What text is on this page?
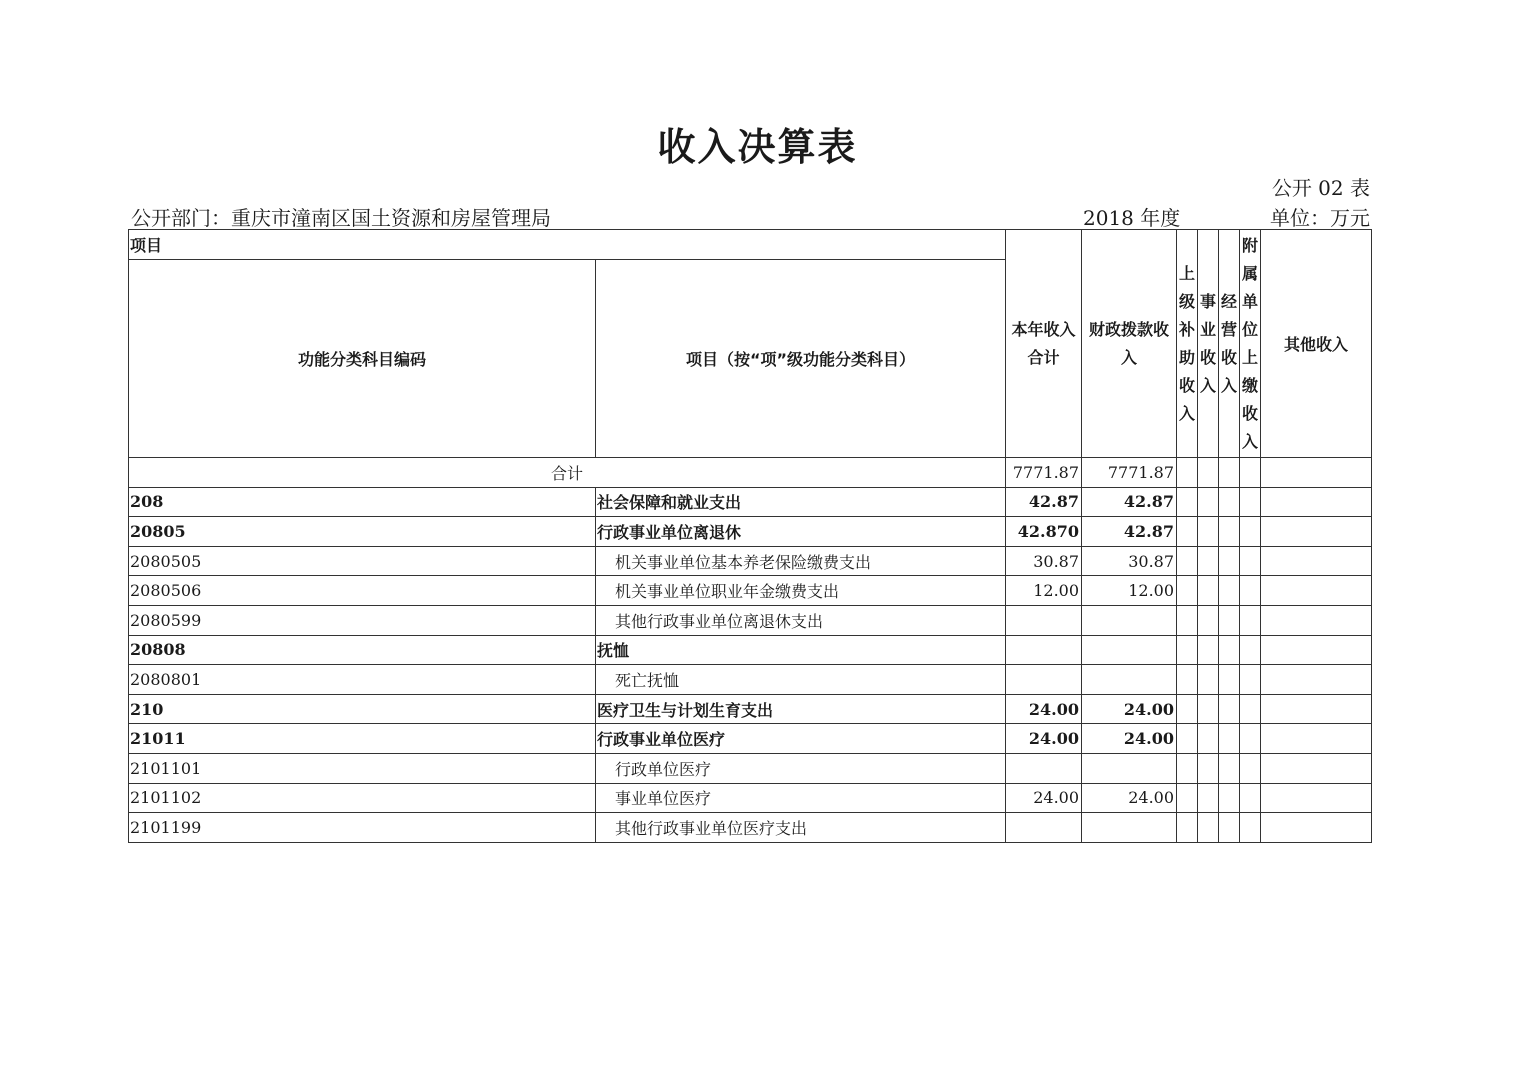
收入决算表
公开 02 表
公开部门：重庆市潼南区国土资源和房屋管理局	2018 年度	单位：万元
项目		本年收入合计	财政拨款收入	上级补助收入	事业收入	经营收入	附属单位上缴收入	其他收入
功能分类科目编码	项目（按“项”级功能分类科目）							
合计		7771.87	7771.87					
208	社会保障和就业支出	42.87	42.87					
20805	行政事业单位离退休	42.870	42.87					
2080505	机关事业单位基本养老保险缴费支出	30.87	30.87					
2080506	机关事业单位职业年金缴费支出	12.00	12.00					
2080599	其他行政事业单位离退休支出							
20808	抚恤							
2080801	死亡抚恤							
210	医疗卫生与计划生育支出	24.00	24.00					
21011	行政事业单位医疗	24.00	24.00					
2101101	行政单位医疗							
2101102	事业单位医疗	24.00	24.00					
2101199	其他行政事业单位医疗支出							
